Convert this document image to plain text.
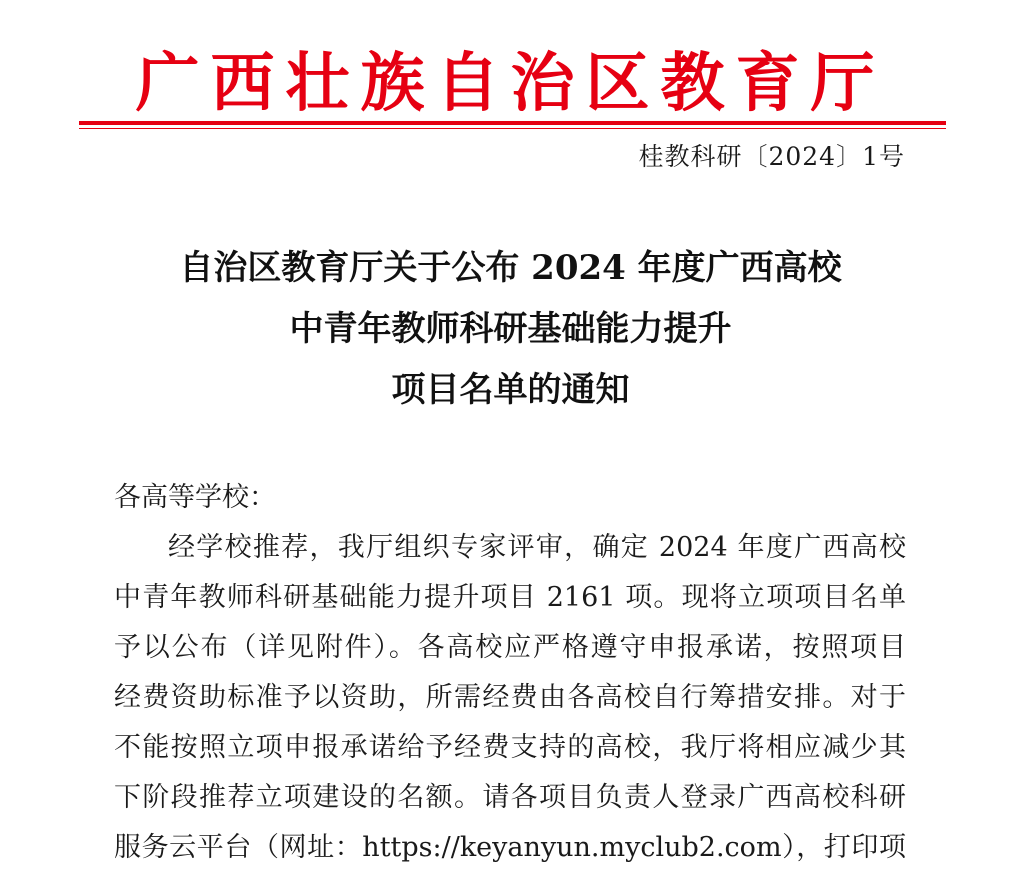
广西壮族自治区教育厅
桂教科研〔2024〕1号
自治区教育厅关于公布 2024 年度广西高校
中青年教师科研基础能力提升
项目名单的通知
各高等学校：
经学校推荐，我厅组织专家评审，确定 2024 年度广西高校
中青年教师科研基础能力提升项目 2161 项。现将立项项目名单
予以公布（详见附件）。各高校应严格遵守申报承诺，按照项目
经费资助标准予以资助，所需经费由各高校自行筹措安排。对于
不能按照立项申报承诺给予经费支持的高校，我厅将相应减少其
下阶段推荐立项建设的名额。请各项目负责人登录广西高校科研
服务云平台（网址：https://keyanyun.myclub2.com），打印项
